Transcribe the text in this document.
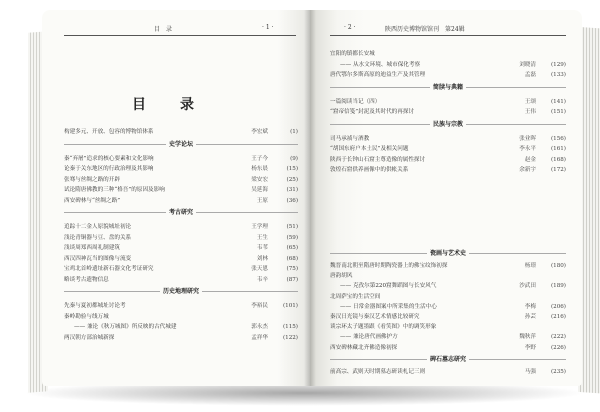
目　录	· 1 ·
目　录
构建多元、开放、包容的博物馆体系	李宏斌	(1)
史学论坛
秦“弃屠”追求的核心要素和文化影响	王子今	(9)
论秦于关东地区的行政治理及其影响	杨东晨	(15)
张骞与丝绸之路的开辟	梁安宏	(25)
试论隋唐佛教的三种“格吾”的原因及影响	吴延海	(31)
西安碑林与“丝绸之路”	王原	(36)
考古研究
追踪十二金人原貌城址初论	王学理	(51)
浅论青铜器与豆、盘的关系	王生	(59)
浅谈周郑西周礼制建筑	韦苇	(65)
西汉四神瓦当的图像与流变	刘林	(68)
宝鸡北首岭遗址新石器文化考证研究	张天恩	(75)
略谈考古遗物信息	韦辛	(87)
历史地理研究
先秦与夏初都城址讨论考	李裕民	(101)
秦岭勘验与线万城
—— 兼论《秋万城图》所反映的古代城建	郭永杰	(115)
两汉朝方部治城新探	孟祥华	(122)
· 2 ·	陕西历史博物馆馆刊　第24辑
宜阳的镇都长安城
—— 从水文环境、城市保化考察	刘晓清	(129)
唐代鄂尔多斯高原的迪益生产及其管理	孟磊	(133)
简牍与典籍
一篇阅读当记（四）	王颂	(141)
“窟帝信笺”封泥及其时代的再探讨	王伟	(151)
民族与宗教
司马承祯与酒教	张业晖	(156)
“胡国东府户本土民”及相关问题	李永平	(161)
陕西于长钟山石窟主尊造像的属性探讨	赵金	(168)
敦煌石窟供养画像中的供帐关系	余新宇	(172)
瓷画与艺术史
魏晋南北朝至隋唐时期陶瓷器上的佛宝纹饰初探	杨璟	(180)
唐韵胡风
—— 克孜尔第220窟舞蹈图与长安风气	沙武田	(189)
北周萨宝的生活空间
—— 日常金器图案中所采集的生活中心	李梅	(206)
秦汉日光镜与秦汉艺术情感比较研究	孙芸	(216)
谈宗环太子题墨跟《看笑图》中的调笑形象
—— 兼论唐代画佛护方	魏秋萍	(222)
西安碑林藏北齐佛造像初探	李野	(226)
碑石墓志研究
前高宗、武则天时期墓志研读札记三则	马强	(235)
